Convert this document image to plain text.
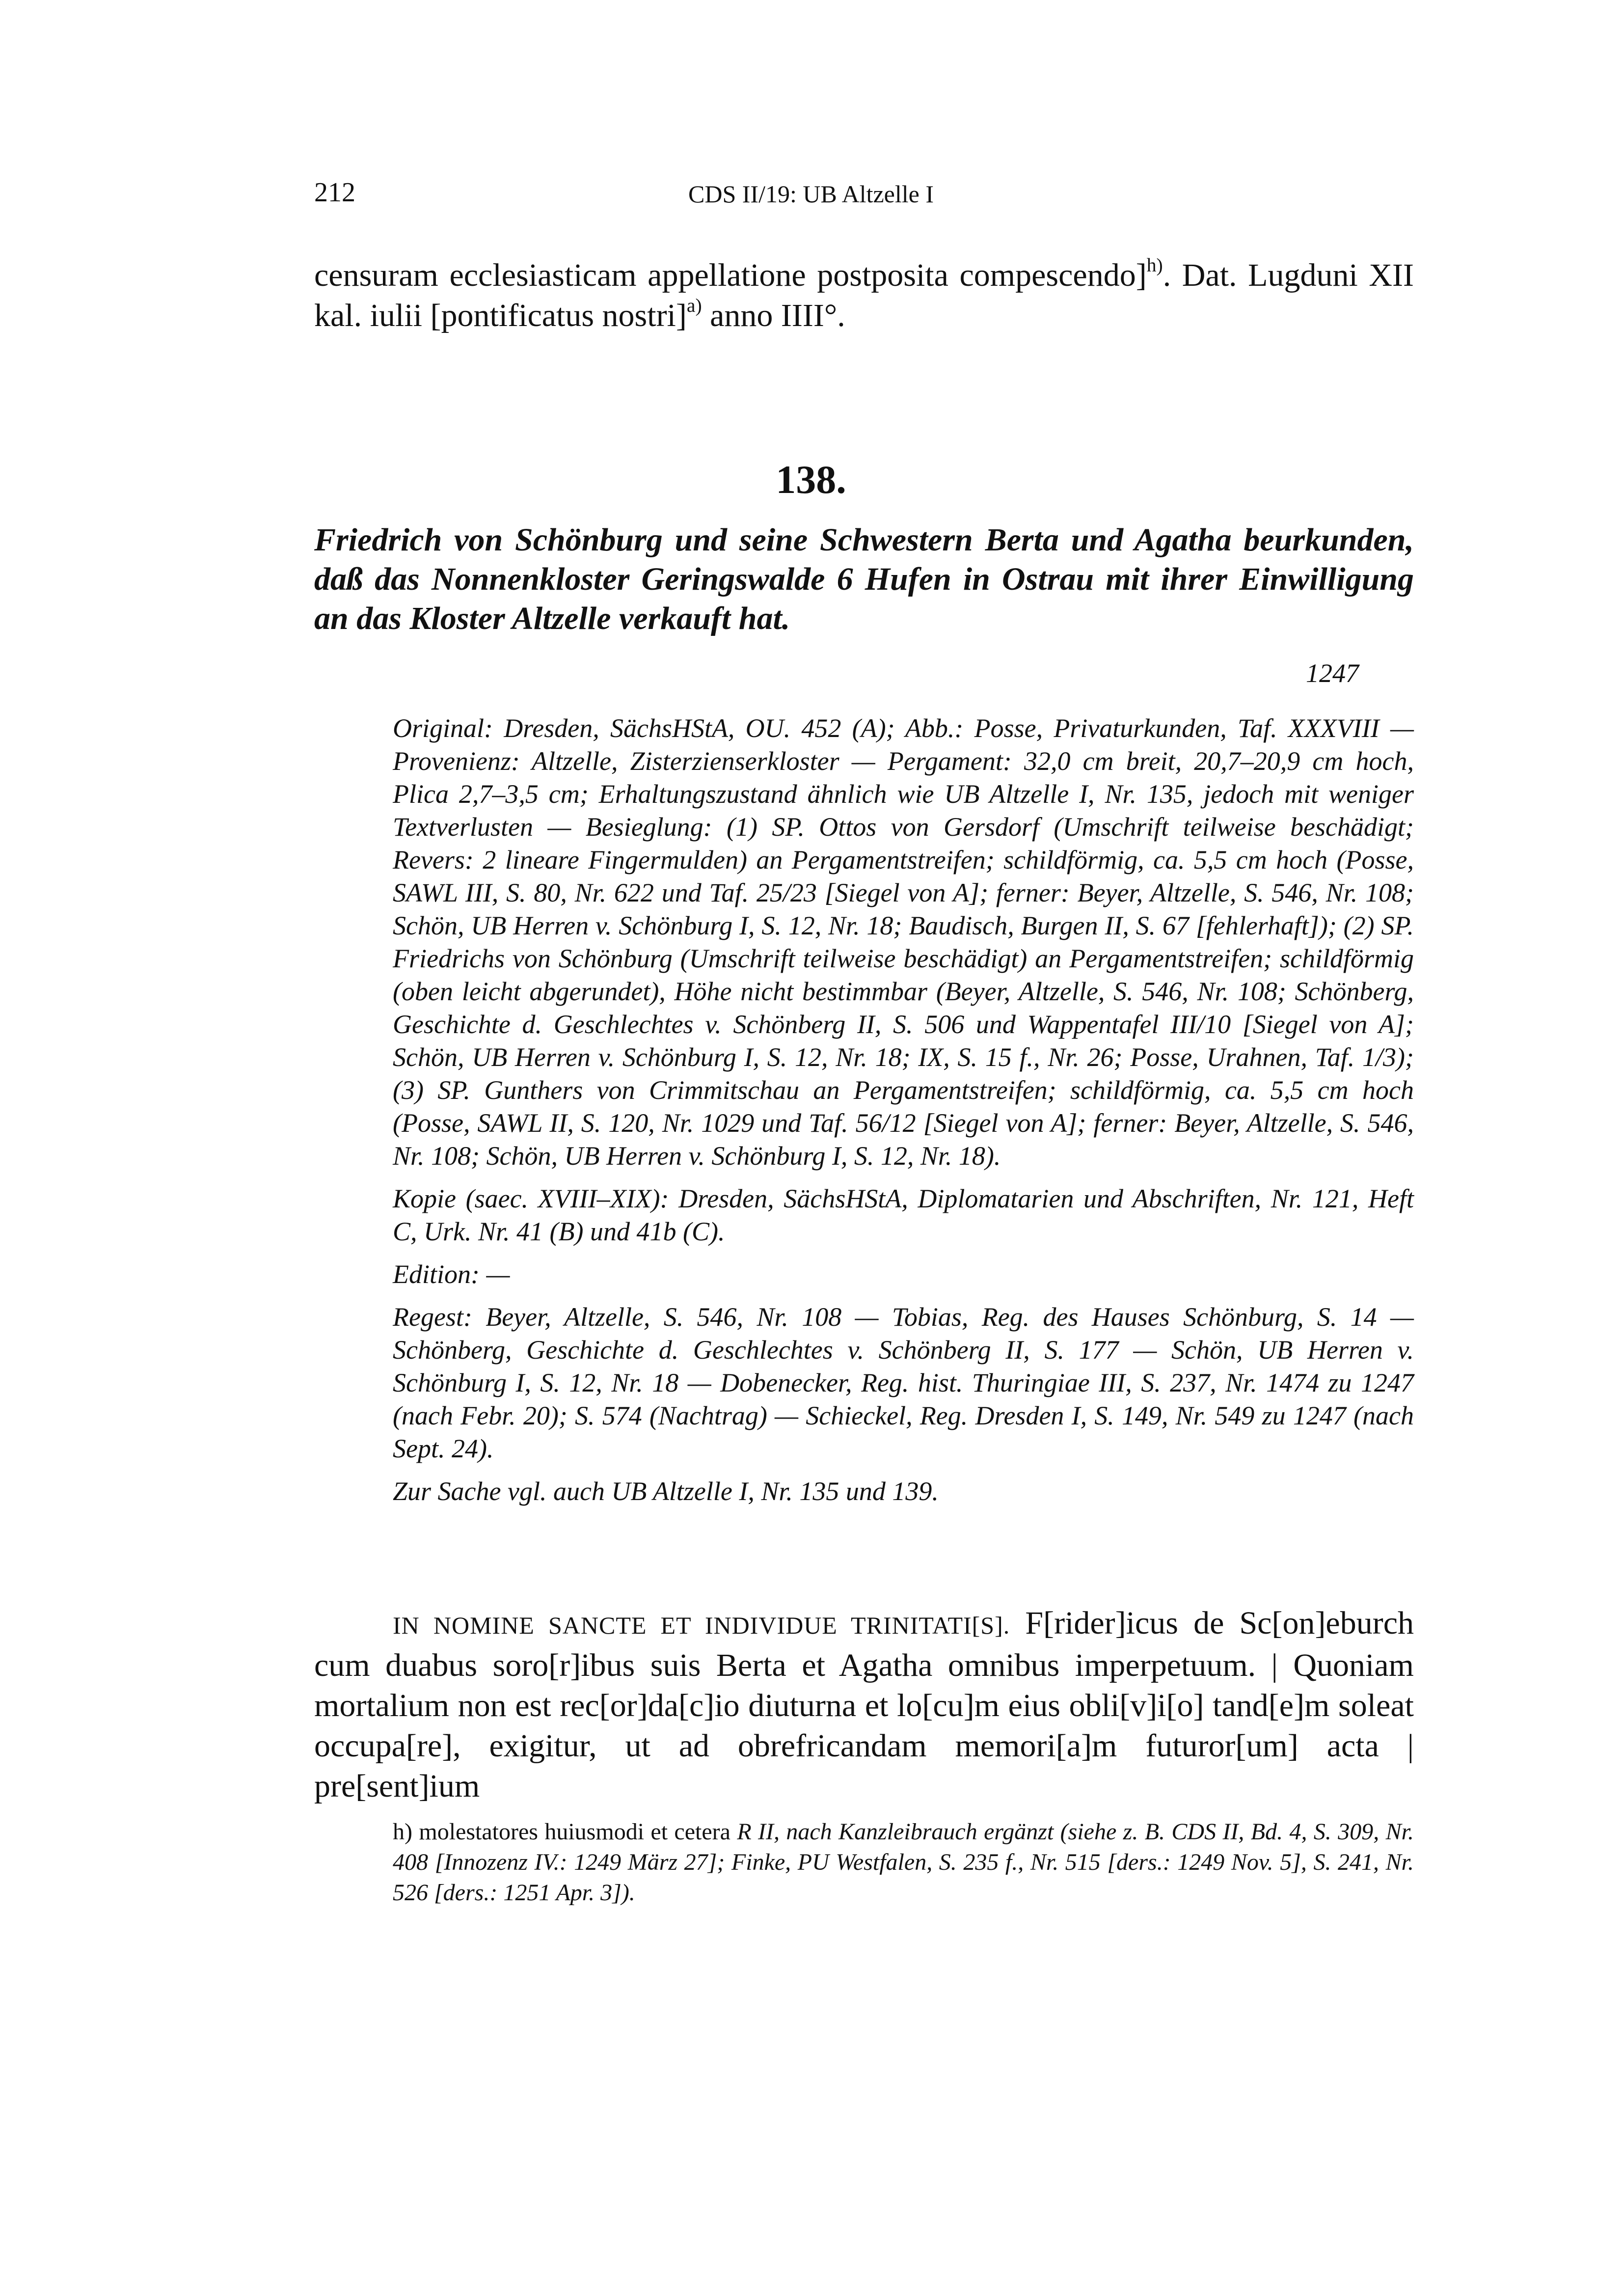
212	CDS II/19: UB Altzelle I
censuram ecclesiasticam appellatione postposita compescendo]$^{h)}$. Dat. Lugduni XII kal. iulii [pontificatus nostri]$^{a)}$ anno IIII°.
138.
Friedrich von Schönburg und seine Schwestern Berta und Agatha beurkunden, daß das Nonnenkloster Geringswalde 6 Hufen in Ostrau mit ihrer Einwilligung an das Kloster Altzelle verkauft hat.
1247

Original: Dresden, SächsHStA, OU. 452 (A); Abb.: Posse, Privaturkunden, Taf. XXXVIII — Provenienz: Altzelle, Zisterzienserkloster — Pergament: 32,0 cm breit, 20,7–20,9 cm hoch, Plica 2,7–3,5 cm; Erhaltungszustand ähnlich wie UB Altzelle I, Nr. 135, jedoch mit weniger Textverlusten — Besieglung: (1) SP. Ottos von Gersdorf (Umschrift teilweise beschädigt; Revers: 2 lineare Fingermulden) an Pergamentstreifen; schildförmig, ca. 5,5 cm hoch (Posse, SAWL III, S. 80, Nr. 622 und Taf. 25/23 [Siegel von A]; ferner: Beyer, Altzelle, S. 546, Nr. 108; Schön, UB Herren v. Schönburg I, S. 12, Nr. 18; Baudisch, Burgen II, S. 67 [fehlerhaft]); (2) SP. Friedrichs von Schönburg (Umschrift teilweise beschädigt) an Pergamentstreifen; schildförmig (oben leicht abgerundet), Höhe nicht bestimmbar (Beyer, Altzelle, S. 546, Nr. 108; Schönberg, Geschichte d. Geschlechtes v. Schönberg II, S. 506 und Wappentafel III/10 [Siegel von A]; Schön, UB Herren v. Schönburg I, S. 12, Nr. 18; IX, S. 15 f., Nr. 26; Posse, Urahnen, Taf. 1/3); (3) SP. Gunthers von Crimmitschau an Pergamentstreifen; schildförmig, ca. 5,5 cm hoch (Posse, SAWL II, S. 120, Nr. 1029 und Taf. 56/12 [Siegel von A]; ferner: Beyer, Altzelle, S. 546, Nr. 108; Schön, UB Herren v. Schönburg I, S. 12, Nr. 18).

Kopie (saec. XVIII–XIX): Dresden, SächsHStA, Diplomatarien und Abschriften, Nr. 121, Heft C, Urk. Nr. 41 (B) und 41b (C).

Edition: —

Regest: Beyer, Altzelle, S. 546, Nr. 108 — Tobias, Reg. des Hauses Schönburg, S. 14 — Schönberg, Geschichte d. Geschlechtes v. Schönberg II, S. 177 — Schön, UB Herren v. Schönburg I, S. 12, Nr. 18 — Dobenecker, Reg. hist. Thuringiae III, S. 237, Nr. 1474 zu 1247 (nach Febr. 20); S. 574 (Nachtrag) — Schieckel, Reg. Dresden I, S. 149, Nr. 549 zu 1247 (nach Sept. 24).

Zur Sache vgl. auch UB Altzelle I, Nr. 135 und 139.

IN NOMINE SANCTE ET INDIVIDUE TRINITATI[S]. F[rider]icus de Sc[on]eburch cum duabus soro[r]ibus suis Berta et Agatha omnibus imperpetuum. | Quoniam mortalium non est rec[or]da[c]io diuturna et lo[cu]m eius obli[v]i[o] tand[e]m soleat occupa[re], exigitur, ut ad obrefricandam memori[a]m futuror[um] acta | pre[sent]ium
h) molestatores huiusmodi et cetera R II, nach Kanzleibrauch ergänzt (siehe z. B. CDS II, Bd. 4, S. 309, Nr. 408 [Innozenz IV.: 1249 März 27]; Finke, PU Westfalen, S. 235 f., Nr. 515 [ders.: 1249 Nov. 5], S. 241, Nr. 526 [ders.: 1251 Apr. 3]).
